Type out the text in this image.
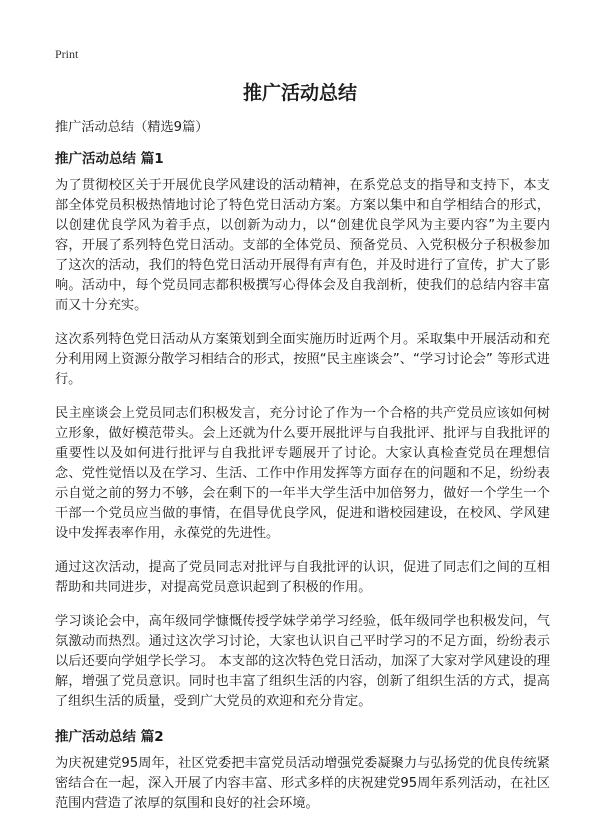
Print
推广活动总结

推广活动总结（精选9篇）

推广活动总结 篇1

为了贯彻校区关于开展优良学风建设的活动精神，在系党总支的指导和支持下，本支部全体党员积极热情地讨论了特色党日活动方案。方案以集中和自学相结合的形式，以创建优良学风为着手点，以创新为动力，以“创建优良学风为主要内容”为主要内容，开展了系列特色党日活动。支部的全体党员、预备党员、入党积极分子积极参加了这次的活动，我们的特色党日活动开展得有声有色，并及时进行了宣传，扩大了影响。活动中，每个党员同志都积极撰写心得体会及自我剖析，使我们的总结内容丰富而又十分充实。

这次系列特色党日活动从方案策划到全面实施历时近两个月。采取集中开展活动和充分利用网上资源分散学习相结合的形式，按照“民主座谈会”、“学习讨论会” 等形式进行。

民主座谈会上党员同志们积极发言，充分讨论了作为一个合格的共产党员应该如何树立形象，做好模范带头。会上还就为什么要开展批评与自我批评、批评与自我批评的重要性以及如何进行批评与自我批评专题展开了讨论。大家认真检查党员在理想信念、党性觉悟以及在学习、生活、工作中作用发挥等方面存在的问题和不足，纷纷表示自觉之前的努力不够，会在剩下的一年半大学生活中加倍努力，做好一个学生一个干部一个党员应当做的事情，在倡导优良学风，促进和谐校园建设，在校风、学风建设中发挥表率作用，永葆党的先进性。

通过这次活动，提高了党员同志对批评与自我批评的认识，促进了同志们之间的互相帮助和共同进步，对提高党员意识起到了积极的作用。

学习谈论会中，高年级同学慷慨传授学妹学弟学习经验，低年级同学也积极发问，气氛激动而热烈。通过这次学习讨论，大家也认识自己平时学习的不足方面，纷纷表示以后还要向学姐学长学习。 本支部的这次特色党日活动，加深了大家对学风建设的理解，增强了党员意识。同时也丰富了组织生活的内容，创新了组织生活的方式，提高了组织生活的质量，受到广大党员的欢迎和充分肯定。

推广活动总结 篇2

为庆祝建党95周年，社区党委把丰富党员活动增强党委凝聚力与弘扬党的优良传统紧密结合在一起，深入开展了内容丰富、形式多样的庆祝建党95周年系列活动，在社区范围内营造了浓厚的氛围和良好的社会环境。
